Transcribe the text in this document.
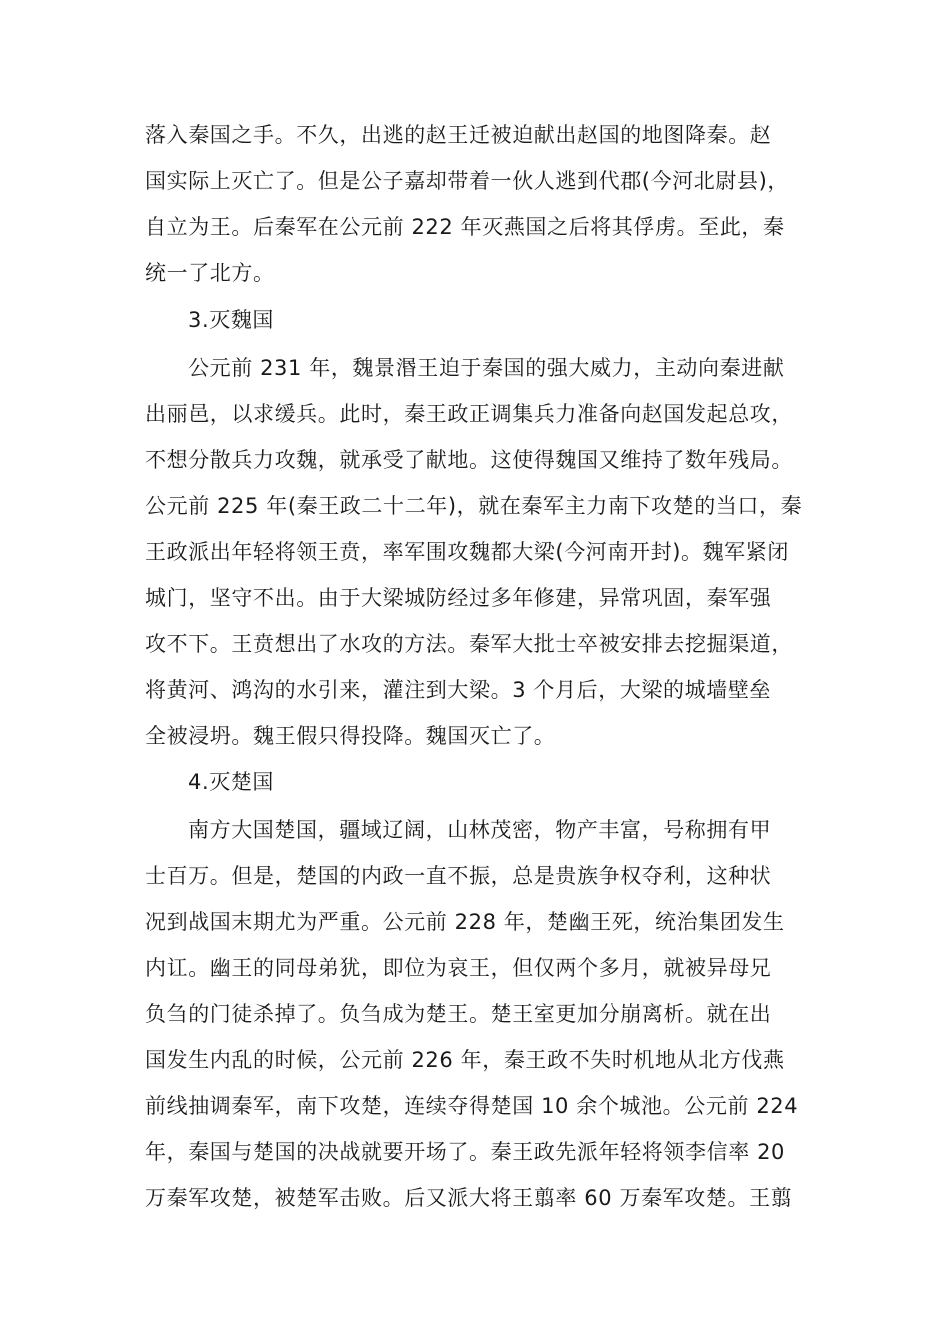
落入秦国之手。不久，出逃的赵王迁被迫献出赵国的地图降秦。赵
国实际上灭亡了。但是公子嘉却带着一伙人逃到代郡(今河北尉县)，
自立为王。后秦军在公元前 222 年灭燕国之后将其俘虏。至此，秦
统一了北方。
3.灭魏国
公元前 231 年，魏景湣王迫于秦国的强大威力，主动向秦进献
出丽邑，以求缓兵。此时，秦王政正调集兵力准备向赵国发起总攻，
不想分散兵力攻魏，就承受了献地。这使得魏国又维持了数年残局。
公元前 225 年(秦王政二十二年)，就在秦军主力南下攻楚的当口，秦
王政派出年轻将领王贲，率军围攻魏都大梁(今河南开封)。魏军紧闭
城门，坚守不出。由于大梁城防经过多年修建，异常巩固，秦军强
攻不下。王贲想出了水攻的方法。秦军大批士卒被安排去挖掘渠道，
将黄河、鸿沟的水引来，灌注到大梁。3 个月后，大梁的城墙壁垒
全被浸坍。魏王假只得投降。魏国灭亡了。
4.灭楚国
南方大国楚国，疆域辽阔，山林茂密，物产丰富，号称拥有甲
士百万。但是，楚国的内政一直不振，总是贵族争权夺利，这种状
况到战国末期尤为严重。公元前 228 年，楚幽王死，统治集团发生
内讧。幽王的同母弟犹，即位为哀王，但仅两个多月，就被异母兄
负刍的门徒杀掉了。负刍成为楚王。楚王室更加分崩离析。就在出
国发生内乱的时候，公元前 226 年，秦王政不失时机地从北方伐燕
前线抽调秦军，南下攻楚，连续夺得楚国 10 余个城池。公元前 224
年，秦国与楚国的决战就要开场了。秦王政先派年轻将领李信率 20
万秦军攻楚，被楚军击败。后又派大将王翦率 60 万秦军攻楚。王翦
